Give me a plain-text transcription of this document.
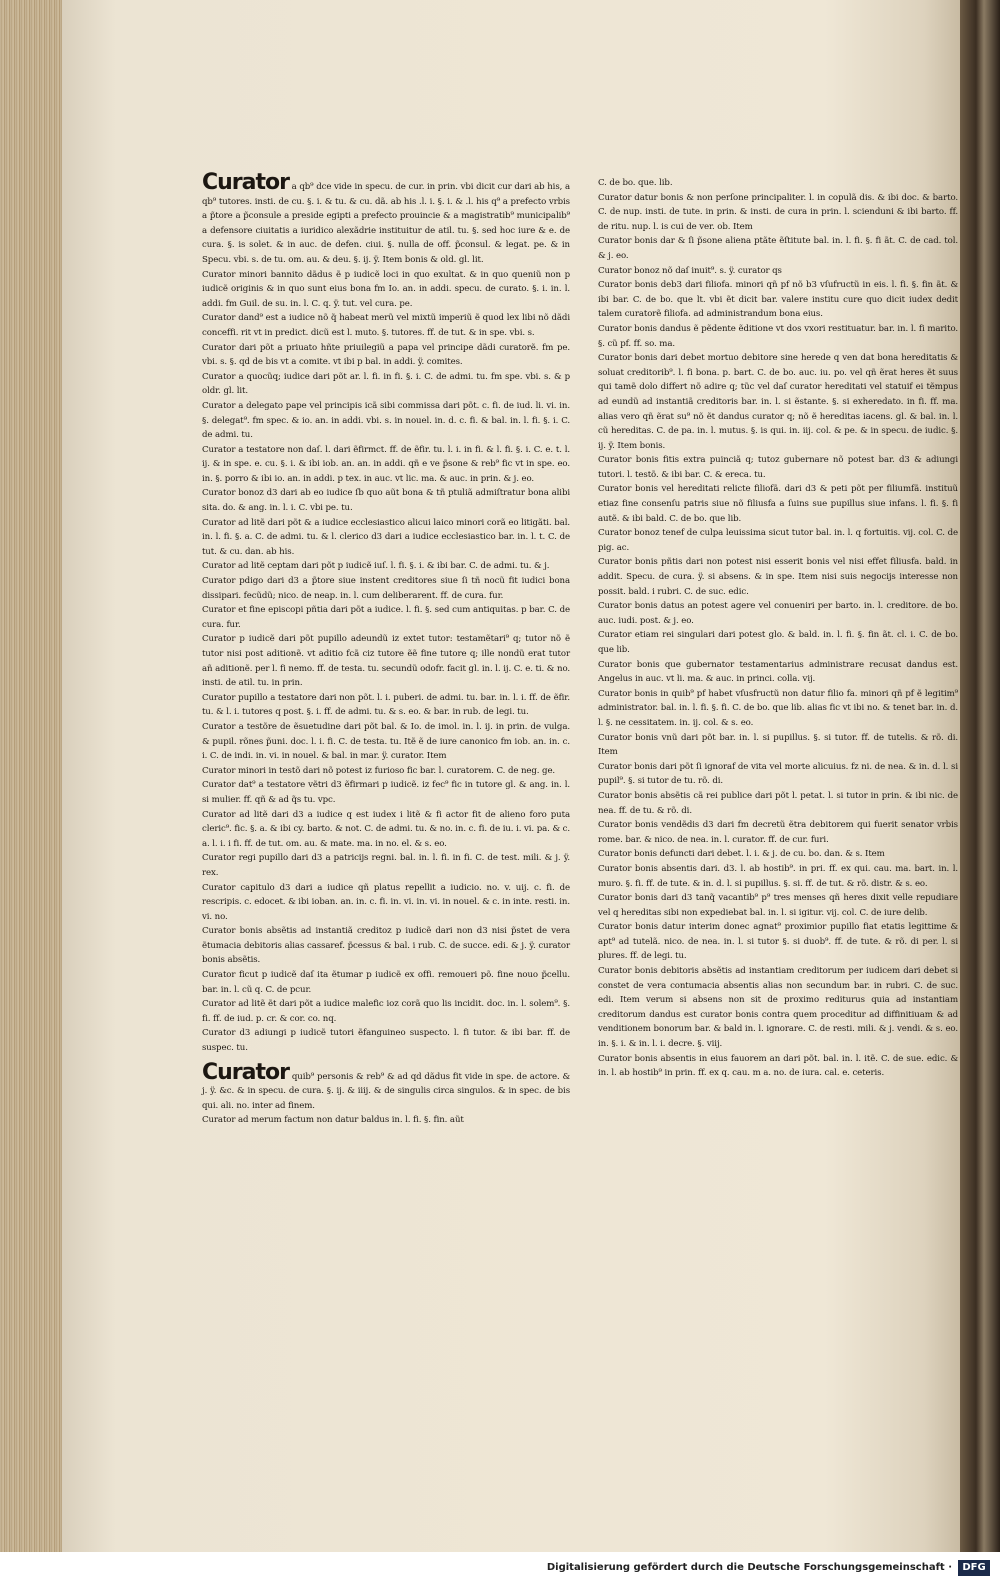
Curator a qb⁹ dce vide in specu. de cur. in prin. vbi dicit cur dari ab his, a qb⁹ tutores. insti. de cu. §. i. & tu. & cu. dã. ab his .l. i. §. i. & .l. his q⁹ a prefecto vrbis a p̃tore a p̃consule a preside egipti a prefecto prouincie & a magistratib⁹ municipalib⁹ a defensore ciuitatis a iuridico alexãdrie instituitur de atil. tu. §. sed hoc iure & e. de cura. §. is solet. & in auc. de defen. ciui. §. nulla de off. p̃consul. & legat. pe. & in Specu. vbi. s. de tu. om. au. & deu. §. ij. ÿ. Item bonis & old. gl. lit.

Curator minori bannito dãdus ẽ p iudicẽ loci in quo exultat. & in quo queniũ non p iudicẽ originis & in quo sunt eius bona fm Io. an. in addi. specu. de curato. §. i. in. l. addi. fm Guil. de su. in. l. C. q. ÿ. tut. vel cura. pe.

Curator dand⁹ est a iudice nõ q̃ habeat merũ vel mixtũ imperiũ ẽ quod lex libi nõ dãdi conceffi. rit vt in predict. dicũ est l. muto. §. tutores. ff. de tut. & in spe. vbi. s.

Curator dari põt a priuato hñte priuilegiũ a papa vel principe dãdi curatorẽ. fm pe. vbi. s. §. qd de bis vt a comite. vt ibi p bal. in addi. ÿ. comites.

Curator a quocũq; iudice dari põt ar. l. fi. in fi. §. i. C. de admi. tu. fm spe. vbi. s. & p oldr. gl. lit.

Curator a delegato pape vel principis icã sibi commissa dari põt. c. fi. de iud. li. vi. in. §. delegat⁹. fm spec. & io. an. in addi. vbi. s. in nouel. in. d. c. fi. & bal. in. l. fi. §. i. C. de admi. tu.

Curator a testatore non daſ. l. dari ẽfirmct. ff. de ẽfir. tu. l. i. in fi. & l. fi. §. i. C. e. t. l. ij. & in spe. e. cu. §. i. & ibi iob. an. an. in addi. qñ e ve p̃sone & reb⁹ fic vt in spe. eo. in. §. porro & ibi io. an. in addi. p tex. in auc. vt lic. ma. & auc. in prin. & j. eo.

Curator bonoz d3 dari ab eo iudice ſb quo aũt bona & tñ ptuliã admiſtratur bona alibi sita. do. & ang. in. l. i. C. vbi pe. tu.

Curator ad litẽ dari põt & a iudice ecclesiastico alicui laico minori corã eo litigãti. bal. in. l. fi. §. a. C. de admi. tu. & l. clerico d3 dari a iudice ecclesiastico bar. in. l. t. C. de tut. & cu. dan. ab his.

Curator ad litẽ ceptam dari põt p iudicẽ iuſ. l. fi. §. i. & ibi bar. C. de admi. tu. & j.

Curator pdigo dari d3 a p̃tore siue instent creditores siue ſi tñ nocũ fit iudici bona dissipari. fecũdũ; nico. de neap. in. l. cum deliberarent. ff. de cura. fur.

Curator et fine episcopi pñtia dari põt a iudice. l. fi. §. sed cum antiquitas. p bar. C. de cura. fur.

Curator p iudicẽ dari põt pupillo adeundũ iz extet tutor: testamẽtari⁹ q; tutor nõ ẽ tutor nisi post aditionẽ. vt aditio fcã ciz tutore ẽẽ fine tutore q; ille nondũ erat tutor añ aditionẽ. per l. fi nemo. ff. de testa. tu. secundũ odofr. facit gl. in. l. ij. C. e. ti. & no. insti. de atil. tu. in prin.

Curator pupillo a testatore dari non põt. l. i. puberi. de admi. tu. bar. in. l. i. ff. de ẽfir. tu. & l. i. tutores q post. §. i. ff. de admi. tu. & s. eo. & bar. in rub. de legi. tu.

Curator a testõre de ẽsuetudine dari põt bal. & Io. de imol. in. l. ij. in prin. de vulga. & pupil. rõnes p̃uni. doc. l. i. fi. C. de testa. tu. Itẽ ẽ de iure canonico fm iob. an. in. c. i. C. de indi. in. vi. in nouel. & bal. in mar. ÿ. curator. Item

Curator minori in testõ dari nõ potest iz furioso fic bar. l. curatorem. C. de neg. ge.

Curator dat⁹ a testatore vẽtri d3 ẽfirmari p iudicẽ. iz fec⁹ fic in tutore gl. & ang. in. l. si mulier. ff. qñ & ad q̃s tu. vpc.

Curator ad litẽ dari d3 a iudice q est iudex i litẽ & fi actor fit de alieno foro puta cleric⁹. fic. §. a. & ibi cy. barto. & not. C. de admi. tu. & no. in. c. fi. de iu. i. vi. pa. & c. a. l. i. i fi. ff. de tut. om. au. & mate. ma. in no. el. & s. eo.

Curator regi pupillo dari d3 a patricijs regni. bal. in. l. fi. in fi. C. de test. mili. & j. ÿ. rex.

Curator capitulo d3 dari a iudice qñ platus repellit a iudicio. no. v. uij. c. fi. de rescripis. c. edocet. & ibi ioban. an. in. c. fi. in. vi. in. vi. in nouel. & c. in inte. resti. in. vi. no.

Curator bonis absẽtis ad instantiã creditoz p iudicẽ dari non d3 nisi p̃stet de vera ẽtumacia debitoris alias cassaref. p̃cessus & bal. i rub. C. de succe. edi. & j. ÿ. curator bonis absẽtis.

Curator ficut p iudicẽ daſ ita ẽtumar p iudicẽ ex offi. remoueri põ. fine nouo p̃cellu. bar. in. l. cũ q. C. de pcur.

Curator ad litẽ ẽt dari põt a iudice malefic ioz corã quo lis incidit. doc. in. l. solem⁹. §. fi. ff. de iud. p. cr. & cor. co. nq.

Curator d3 adiungi p iudicẽ tutori ẽfanguineo suspecto. l. fi tutor. & ibi bar. ff. de suspec. tu.

Curator quib⁹ personis & reb⁹ & ad qd dãdus fit vide in spe. de actore. & j. ÿ. &c. & in specu. de cura. §. ij. & iiij. & de singulis circa singulos. & in spec. de bis qui. ali. no. inter ad finem.

Curator ad merum factum non datur baldus in. l. fi. §. fin. aũt

C. de bo. que. lib.

Curator datur bonis & non perſone principaliter. l. in copulã dis. & ibi doc. & barto. C. de nup. insti. de tute. in prin. & insti. de cura in prin. l. scienduni & ibi barto. ff. de ritu. nup. l. is cui de ver. ob. Item

Curator bonis dar & ſi p̃sone aliena ptãte ẽſtitute bal. in. l. fi. §. fi ãt. C. de cad. tol. & j. eo.

Curator bonoz nõ daſ inuit⁹. s. ÿ. curator qs

Curator bonis deb3 dari filiofa. minori qñ pf nõ b3 vſufructũ in eis. l. fi. §. fin ãt. & ibi bar. C. de bo. que lt. vbi ẽt dicit bar. valere institu cure quo dicit iudex dedit talem curatorẽ filiofa. ad administrandum bona eius.

Curator bonis dandus ẽ pẽdente ẽditione vt dos vxori restituatur. bar. in. l. fi marito. §. cũ pf. ff. so. ma.

Curator bonis dari debet mortuo debitore sine herede q ven dat bona hereditatis & soluat creditorib⁹. l. fi bona. p. bart. C. de bo. auc. iu. po. vel qñ ẽrat heres ẽt suus qui tamẽ dolo differt nõ adire q; tũc vel daſ curator hereditati vel statuif ei tẽmpus ad eundũ ad instantiã creditoris bar. in. l. si ẽstante. §. si exheredato. in fi. ff. ma. alias vero qñ ẽrat su⁹ nõ ẽt dandus curator q; nõ ẽ hereditas iacens. gl. & bal. in. l. cũ hereditas. C. de pa. in. l. mutus. §. is qui. in. iij. col. & pe. & in specu. de iudic. §. ij. ÿ. Item bonis.

Curator bonis fitis extra puinciã q; tutoz gubernare nõ potest bar. d3 & adiungi tutori. l. testõ. & ibi bar. C. & ereca. tu.

Curator bonis vel hereditati relicte filiofã. dari d3 & peti põt per filiumfã. instituũ etiaz fine consenſu patris siue nõ filiusfa a ſuins sue pupillus siue infans. l. fi. §. fi autẽ. & ibi bald. C. de bo. que lib.

Curator bonoz tenef de culpa leuissima sicut tutor bal. in. l. q fortuitis. vij. col. C. de pig. ac.

Curator bonis pñtis dari non potest nisi esserit bonis vel nisi effet filiusfa. bald. in addit. Specu. de cura. ÿ. si absens. & in spe. Item nisi suis negocijs interesse non possit. bald. i rubri. C. de suc. edic.

Curator bonis datus an potest agere vel conueniri per barto. in. l. creditore. de bo. auc. iudi. post. & j. eo.

Curator etiam rei singulari dari potest glo. & bald. in. l. fi. §. fin ãt. cl. i. C. de bo. que lib.

Curator bonis que gubernator testamentarius administrare recusat dandus est. Angelus in auc. vt li. ma. & auc. in princi. colla. vij.

Curator bonis in quib⁹ pf habet vſusfructũ non datur filio fa. minori qñ pf ẽ legitim⁹ administrator. bal. in. l. fi. §. fi. C. de bo. que lib. alias fic vt ibi no. & tenet bar. in. d. l. §. ne cessitatem. in. ij. col. & s. eo.

Curator bonis vnũ dari põt bar. in. l. si pupillus. §. si tutor. ff. de tutelis. & rõ. di. Item

Curator bonis dari põt ſi ignoraf de vita vel morte alicuius. fz ni. de nea. & in. d. l. si pupil⁹. §. si tutor de tu. rõ. di.

Curator bonis absẽtis cã rei publice dari põt l. petat. l. si tutor in prin. & ibi nic. de nea. ff. de tu. & rõ. di.

Curator bonis vendẽdis d3 dari fm decretũ ẽtra debitorem qui fuerit senator vrbis rome. bar. & nico. de nea. in. l. curator. ff. de cur. furi.

Curator bonis defuncti dari debet. l. i. & j. de cu. bo. dan. & s. Item

Curator bonis absentis dari. d3. l. ab hostib⁹. in pri. ff. ex qui. cau. ma. bart. in. l. muro. §. fi. ff. de tute. & in. d. l. si pupillus. §. si. ff. de tut. & rõ. distr. & s. eo.

Curator bonis dari d3 tanq̃ vacantib⁹ p⁹ tres menses qñ heres dixit velle repudiare vel q hereditas sibi non expediebat bal. in. l. si igitur. vij. col. C. de iure delib.

Curator bonis datur interim donec agnat⁹ proximior pupillo fiat etatis legittime & apt⁹ ad tutelã. nico. de nea. in. l. si tutor §. si duob⁹. ff. de tute. & rõ. di per. l. si plures. ff. de legi. tu.

Curator bonis debitoris absẽtis ad instantiam creditorum per iudicem dari debet si constet de vera contumacia absentis alias non secundum bar. in rubri. C. de suc. edi. Item verum si absens non sit de proximo rediturus quia ad instantiam creditorum dandus est curator bonis contra quem proceditur ad diffinitiuam & ad venditionem bonorum bar. & bald in. l. ignorare. C. de resti. mili. & j. vendi. & s. eo. in. §. i. & in. l. i. decre. §. viij.

Curator bonis absentis in eius fauorem an dari põt. bal. in. l. itẽ. C. de sue. edic. & in. l. ab hostib⁹ in prin. ff. ex q. cau. m a. no. de iura. cal. e. ceteris.

Digitalisierung gefördert durch die Deutsche Forschungsgemeinschaft ·	DFG
